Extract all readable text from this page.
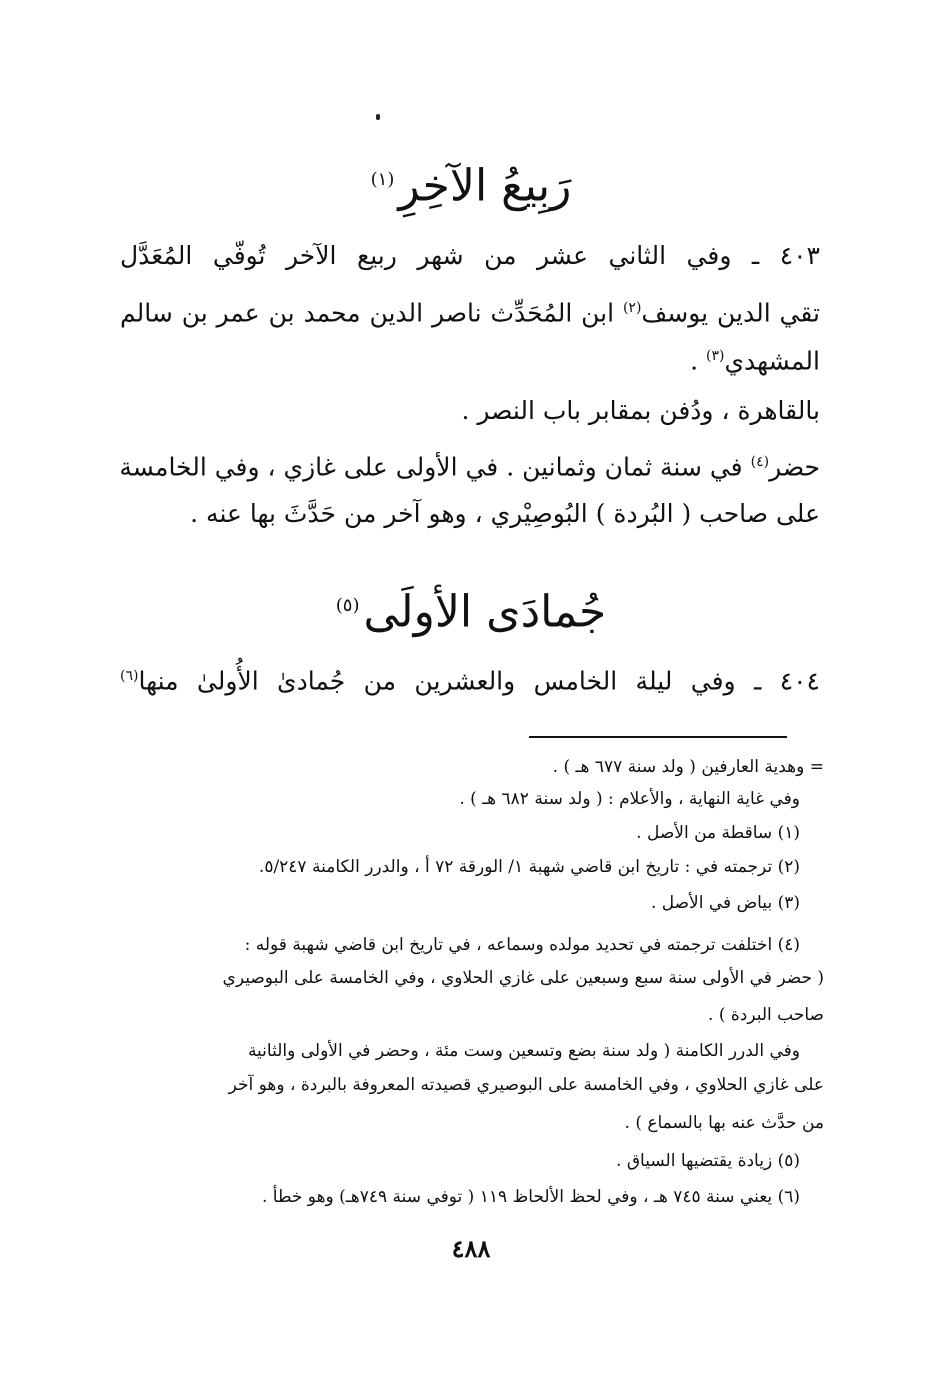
رَبِيعُ الآخِرِ$^{(١)}$
٤٠٣ ـ وفي الثاني عشر من شهر ربيع الآخر تُوفّي المُعَدَّل
تقي الدين يوسف$^{(٢)}$ ابن المُحَدِّث ناصر الدين محمد بن عمر بن سالم
المشهدي$^{(٣)}$ .
بالقاهرة ، ودُفن بمقابر باب النصر .
حضر$^{(٤)}$ في سنة ثمان وثمانين . في الأولى على غازي ، وفي الخامسة
على صاحب ( البُردة ) البُوصِيْري ، وهو آخر من حَدَّثَ بها عنه .
جُمادَى الأولَى$^{(٥)}$
٤٠٤ ـ وفي ليلة الخامس والعشرين من جُمادىٰ الأُولىٰ منها$^{(٦)}$
= وهدية العارفين ( ولد سنة ٦٧٧ هـ ) .
وفي غاية النهاية ، والأعلام : ( ولد سنة ٦٨٢ هـ ) .
(١) ساقطة من الأصل .
(٢) ترجمته في : تاريخ ابن قاضي شهبة ١/ الورقة ٧٢ أ ، والدرر الكامنة ٥/٢٤٧.
(٣) بياض في الأصل .
(٤) اختلفت ترجمته في تحديد مولده وسماعه ، في تاريخ ابن قاضي شهبة قوله :
( حضر في الأولى سنة سبع وسبعين على غازي الحلاوي ، وفي الخامسة على البوصيري
صاحب البردة ) .
وفي الدرر الكامنة ( ولد سنة بضع وتسعين وست مئة ، وحضر في الأولى والثانية
على غازي الحلاوي ، وفي الخامسة على البوصيري قصيدته المعروفة بالبردة ، وهو آخر
من حدَّث عنه بها بالسماع ) .
(٥) زيادة يقتضيها السياق .
(٦) يعني سنة ٧٤٥ هـ ، وفي لحظ الألحاظ ١١٩ ( توفي سنة ٧٤٩هـ) وهو خطأ .
٤٨٨
